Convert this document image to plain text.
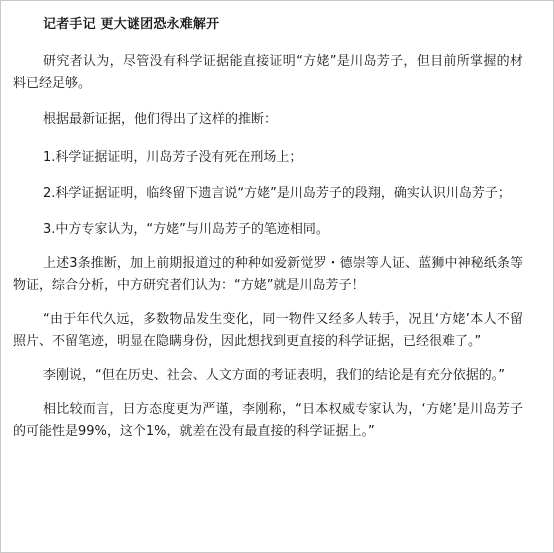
记者手记 更大谜团恐永难解开

研究者认为，尽管没有科学证据能直接证明“方姥”是川岛芳子，但目前所掌握的材料已经足够。

根据最新证据，他们得出了这样的推断：

1.科学证据证明，川岛芳子没有死在刑场上；

2.科学证据证明，临终留下遗言说“方姥”是川岛芳子的段翔，确实认识川岛芳子；

3.中方专家认为，“方姥”与川岛芳子的笔迹相同。

上述3条推断，加上前期报道过的种种如爱新觉罗・德崇等人证、蓝狮中神秘纸条等物证，综合分析，中方研究者们认为：“方姥”就是川岛芳子！

“由于年代久远，多数物品发生变化，同一物件又经多人转手，况且‘方姥’本人不留照片、不留笔迹，明显在隐瞒身份，因此想找到更直接的科学证据，已经很难了。”

李刚说，“但在历史、社会、人文方面的考证表明，我们的结论是有充分依据的。”

相比较而言，日方态度更为严谨，李刚称，“日本权威专家认为，‘方姥’是川岛芳子的可能性是99%，这个1%，就差在没有最直接的科学证据上。”
